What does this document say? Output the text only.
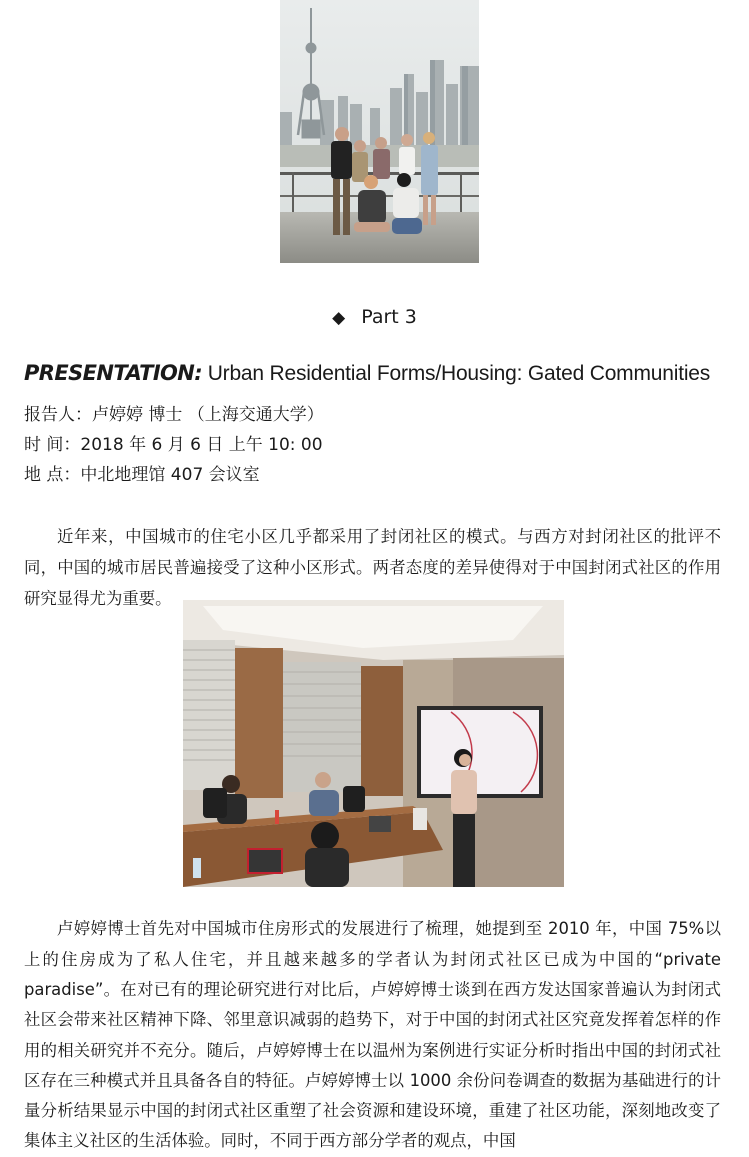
◆ Part 3
PRESENTATION: Urban Residential Forms/Housing: Gated Communities
报告人：卢婷婷 博士 （上海交通大学）
时 间：2018 年 6 月 6 日 上午 10: 00
地 点：中北地理馆 407 会议室

近年来，中国城市的住宅小区几乎都采用了封闭社区的模式。与西方对封闭社区的批评不同，中国的城市居民普遍接受了这种小区形式。两者态度的差异使得对于中国封闭式社区的作用研究显得尤为重要。

卢婷婷博士首先对中国城市住房形式的发展进行了梳理，她提到至 2010 年，中国 75%以上的住房成为了私人住宅，并且越来越多的学者认为封闭式社区已成为中国的“private paradise”。在对已有的理论研究进行对比后，卢婷婷博士谈到在西方发达国家普遍认为封闭式社区会带来社区精神下降、邻里意识减弱的趋势下，对于中国的封闭式社区究竟发挥着怎样的作用的相关研究并不充分。随后，卢婷婷博士在以温州为案例进行实证分析时指出中国的封闭式社区存在三种模式并且具备各自的特征。卢婷婷博士以 1000 余份问卷调查的数据为基础进行的计量分析结果显示中国的封闭式社区重塑了社会资源和建设环境，重建了社区功能，深刻地改变了集体主义社区的生活体验。同时，不同于西方部分学者的观点，中国
